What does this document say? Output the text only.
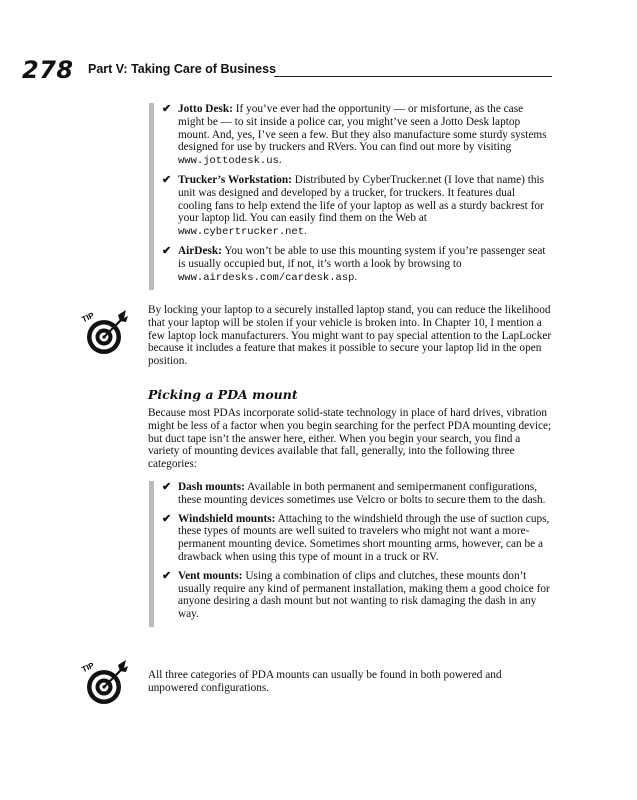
278 Part V: Taking Care of Business
✔ Jotto Desk: If you’ve ever had the opportunity — or misfortune, as the case might be — to sit inside a police car, you might’ve seen a Jotto Desk laptop mount. And, yes, I’ve seen a few. But they also manufacture some sturdy systems designed for use by truckers and RVers. You can find out more by visiting www.jottodesk.us.
✔ Trucker’s Workstation: Distributed by CyberTrucker.net (I love that name) this unit was designed and developed by a trucker, for truckers. It features dual cooling fans to help extend the life of your laptop as well as a sturdy backrest for your laptop lid. You can easily find them on the Web at www.cybertrucker.net.
✔ AirDesk: You won’t be able to use this mounting system if you’re passenger seat is usually occupied but, if not, it’s worth a look by browsing to www.airdesks.com/cardesk.asp.
TIP
By locking your laptop to a securely installed laptop stand, you can reduce the likelihood that your laptop will be stolen if your vehicle is broken into. In Chapter 10, I mention a few laptop lock manufacturers. You might want to pay special attention to the LapLocker because it includes a feature that makes it possible to secure your laptop lid in the open position.
Picking a PDA mount
Because most PDAs incorporate solid-state technology in place of hard drives, vibration might be less of a factor when you begin searching for the perfect PDA mounting device; but duct tape isn’t the answer here, either. When you begin your search, you find a variety of mounting devices available that fall, generally, into the following three categories:
✔ Dash mounts: Available in both permanent and semipermanent configurations, these mounting devices sometimes use Velcro or bolts to secure them to the dash.
✔ Windshield mounts: Attaching to the windshield through the use of suction cups, these types of mounts are well suited to travelers who might not want a more-permanent mounting device. Sometimes short mounting arms, however, can be a drawback when using this type of mount in a truck or RV.
✔ Vent mounts: Using a combination of clips and clutches, these mounts don’t usually require any kind of permanent installation, making them a good choice for anyone desiring a dash mount but not wanting to risk damaging the dash in any way.
TIP
All three categories of PDA mounts can usually be found in both powered and unpowered configurations.
